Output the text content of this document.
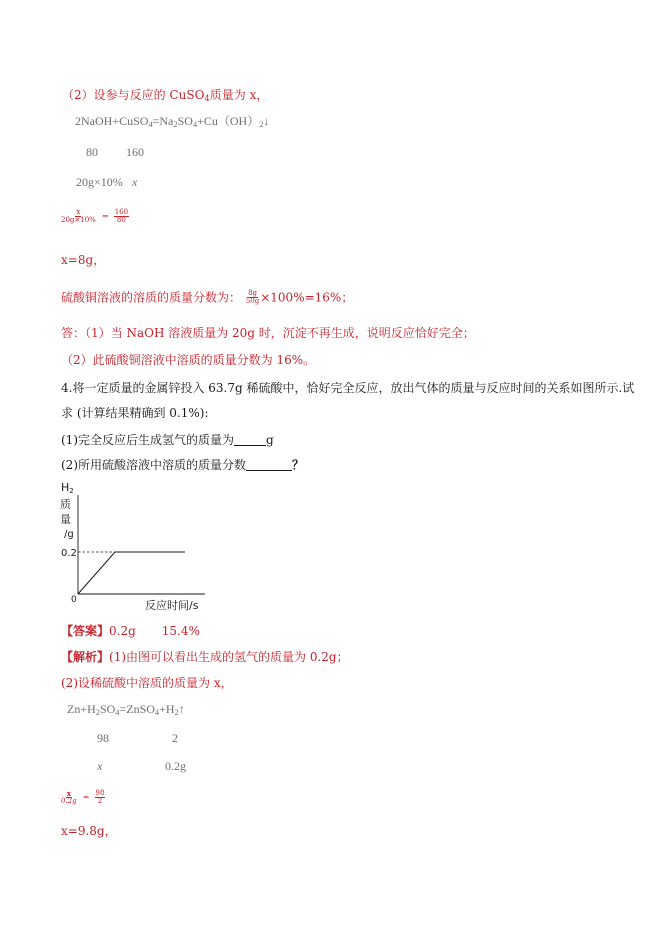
（2）设参与反应的 CuSO$_4$质量为 x，
$2NaOH+CuSO_4=Na_2SO_4+Cu(OH)_2↓$
80 160
20g×10% x
$\frac{x}{20g\times 10\%} = \frac{160}{80}$
x=8g，
硫酸铜溶液的溶质的质量分数为： $\frac{8g}{50g} \times 100\%=16\%$；
答：（1）当 NaOH 溶液质量为 20g 时，沉淀不再生成，说明反应恰好完全；
（2）此硫酸铜溶液中溶质的质量分数为 16%。
4.将一定质量的金属锌投入 63.7g 稀硫酸中，恰好完全反应，放出气体的质量与反应时间的关系如图所示.试
求 (计算结果精确到 0.1%):
(1)完全反应后生成氢气的质量为	g
(2)所用硫酸溶液中溶质的质量分数	？
H2
质
量
/g
0.2
0	反应时间/s
【答案】0.2g 15.4%
【解析】(1)由图可以看出生成的氢气的质量为 0.2g；
(2)设稀硫酸中溶质的质量为 x，
$Zn+H_2SO_4=ZnSO_4+H_2↑$
98	2
x	0.2g
$\frac{x}{0.2g} = \frac{98}{2}$
x=9.8g，
